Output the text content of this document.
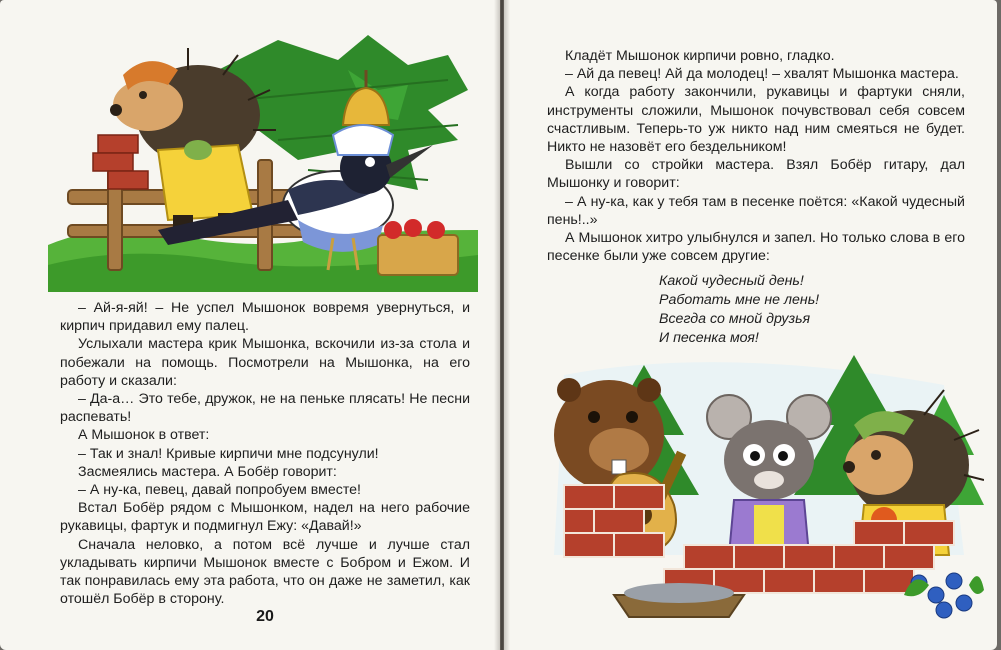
– Ай-я-яй! – Не успел Мышонок вовремя увернуться, и кирпич придавил ему палец.

Услыхали мастера крик Мышонка, вскочили из-за стола и побежали на помощь. Посмотрели на Мышонка, на его работу и сказали:

– Да-а… Это тебе, дружок, не на пеньке плясать! Не песни распевать!

А Мышонок в ответ:

– Так и знал! Кривые кирпичи мне подсунули!

Засмеялись мастера. А Бобёр говорит:

– А ну-ка, певец, давай попробуем вместе!

Встал Бобёр рядом с Мышонком, надел на него рабочие рукавицы, фартук и подмигнул Ежу: «Давай!»

Сначала неловко, а потом всё лучше и лучше стал укладывать кирпичи Мышонок вместе с Бобром и Ежом. И так понравилась ему эта работа, что он даже не заметил, как отошёл Бобёр в сторону.

20

Кладёт Мышонок кирпичи ровно, гладко.

– Ай да певец! Ай да молодец! – хвалят Мышонка мастера.

А когда работу закончили, рукавицы и фартуки сняли, инструменты сложили, Мышонок почувствовал себя совсем счастливым. Теперь-то уж никто над ним смеяться не будет. Никто не назовёт его бездельником!

Вышли со стройки мастера. Взял Бобёр гитару, дал Мышонку и говорит:

– А ну-ка, как у тебя там в песенке поётся: «Какой чудесный пень!..»

А Мышонок хитро улыбнулся и запел. Но только слова в его песенке были уже совсем другие:

Какой чудесный день!
Работать мне не лень!
Всегда со мной друзья
И песенка моя!
